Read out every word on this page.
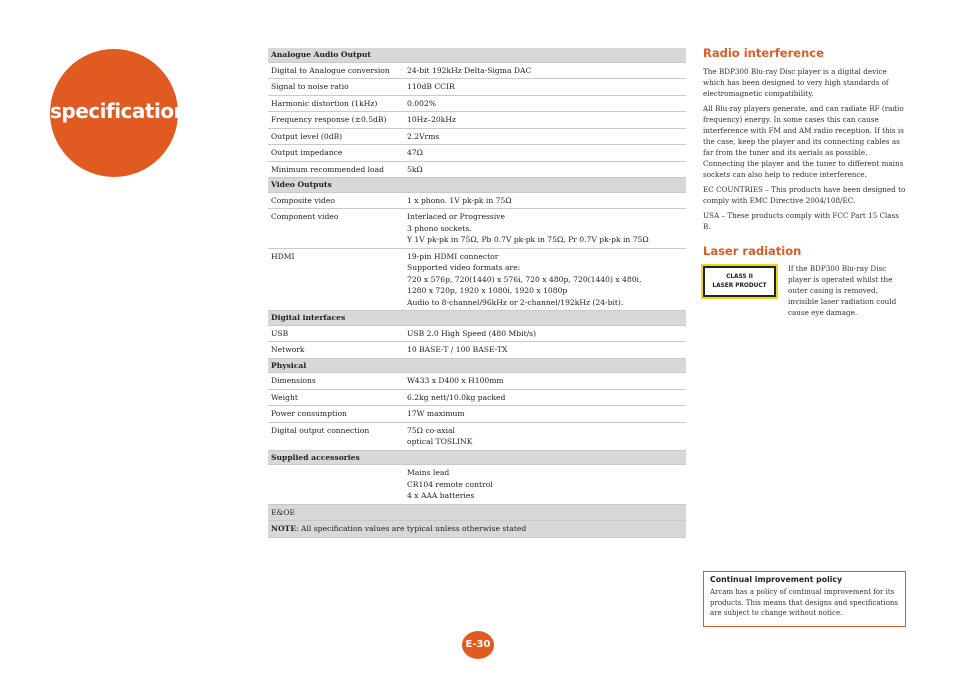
specifications
Analogue Audio Output	
Digital to Analogue conversion	24-bit 192kHz Delta-Sigma DAC
Signal to noise ratio	110dB CCIR
Harmonic distortion (1kHz)	0.002%
Frequency response (±0.5dB)	10Hz–20kHz
Output level (0dB)	2.2Vrms
Output impedance	47Ω
Minimum recommended load	5kΩ
Video Outputs	
Composite video	1 x phono. 1V pk-pk in 75Ω
Component video	Interlaced or Progressive
3 phono sockets.
Y 1V pk-pk in 75Ω, Pb 0.7V pk-pk in 75Ω, Pr 0.7V pk-pk in 75Ω

HDMI	19-pin HDMI connector
Supported video formats are:
720 x 576p, 720(1440) x 576i, 720 x 480p, 720(1440) x 480i,
1280 x 720p, 1920 x 1080i, 1920 x 1080p
Audio to 8-channel/96kHz or 2-channel/192kHz (24-bit).

Digital interfaces	
USB	USB 2.0 High Speed (480 Mbit/s)
Network	10 BASE-T / 100 BASE-TX
Physical	
Dimensions	W433 x D400 x H100mm
Weight	6.2kg nett/10.0kg packed
Power consumption	17W maximum
Digital output connection	75Ω co-axial
optical TOSLINK

Supplied accessories	

	Mains lead
CR104 remote control
4 x AAA batteries

E&OE	
NOTE: All specification values are typical unless otherwise stated	
Radio interference

The BDP300 Blu-ray Disc player is a digital device which has been designed to very high standards of electromagnetic compatibility.

All Blu-ray players generate, and can radiate RF (radio frequency) energy. In some cases this can cause interference with FM and AM radio reception. If this is the case, keep the player and its connecting cables as far from the tuner and its aerials as possible. Connecting the player and the tuner to different mains sockets can also help to reduce interference.

EC COUNTRIES – This products have been designed to comply with EMC Directive 2004/108/EC.

USA – These products comply with FCC Part 15 Class B.

Laser radiation
CLASS II
LASER PRODUCT
If the BDP300 Blu-ray Disc player is operated whilst the outer casing is removed, invisible laser radiation could cause eye damage.
Continual improvement policy
Arcam has a policy of continual improvement for its products. This means that designs and specifications are subject to change without notice.
E-30
